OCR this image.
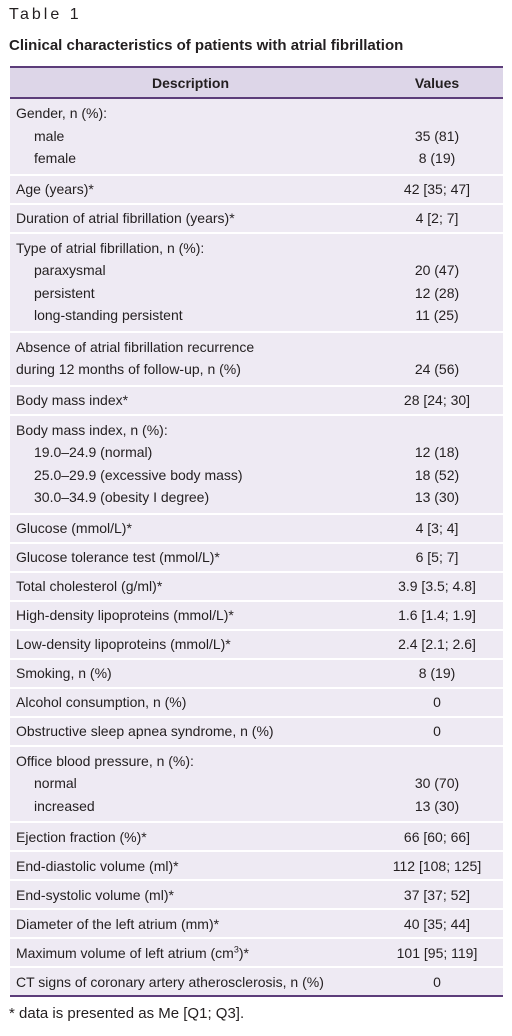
Table 1
Clinical characteristics of patients with atrial fibrillation
Description	Values
Gender, n (%):
male	35 (81)
female	8 (19)
Age (years)*	42 [35; 47]
Duration of atrial fibrillation (years)*	4 [2; 7]
Type of atrial fibrillation, n (%):
paraxysmal	20 (47)
persistent	12 (28)
long-standing persistent	11 (25)
Absence of atrial fibrillation recurrence
during 12 months of follow-up, n (%)	24 (56)
Body mass index*	28 [24; 30]
Body mass index, n (%):
19.0–24.9 (normal)	12 (18)
25.0–29.9 (excessive body mass)	18 (52)
30.0–34.9 (obesity I degree)	13 (30)
Glucose (mmol/L)*	4 [3; 4]
Glucose tolerance test (mmol/L)*	6 [5; 7]
Total cholesterol (g/ml)*	3.9 [3.5; 4.8]
High-density lipoproteins (mmol/L)*	1.6 [1.4; 1.9]
Low-density lipoproteins (mmol/L)*	2.4 [2.1; 2.6]
Smoking, n (%)	8 (19)
Alcohol consumption, n (%)	0
Obstructive sleep apnea syndrome, n (%)	0
Office blood pressure, n (%):
normal	30 (70)
increased	13 (30)
Ejection fraction (%)*	66 [60; 66]
End-diastolic volume (ml)*	112 [108; 125]
End-systolic volume (ml)*	37 [37; 52]
Diameter of the left atrium (mm)*	40 [35; 44]
Maximum volume of left atrium $(cm^3)*$	101 [95; 119]
CT signs of coronary artery atherosclerosis, n (%)	0
* data is presented as Me [Q1; Q3].
